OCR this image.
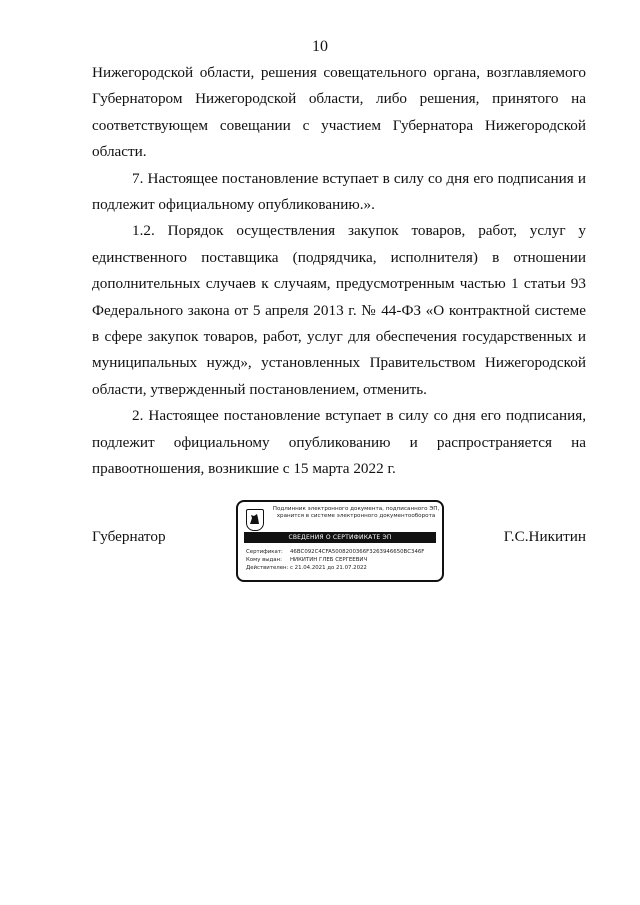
10

Нижегородской области, решения совещательного органа, возглавляемого Губернатором Нижегородской области, либо решения, принятого на соответствующем совещании с участием Губернатора Нижегородской области.

7. Настоящее постановление вступает в силу со дня его подписания и подлежит официальному опубликованию.».

1.2. Порядок осуществления закупок товаров, работ, услуг у единственного поставщика (подрядчика, исполнителя) в отношении дополнительных случаев к случаям, предусмотренным частью 1 статьи 93 Федерального закона от 5 апреля 2013 г. № 44-ФЗ «О контрактной системе в сфере закупок товаров, работ, услуг для обеспечения государственных и муниципальных нужд», установленных Правительством Нижегородской области, утвержденный постановлением, отменить.

2. Настоящее постановление вступает в силу со дня его подписания, подлежит официальному опубликованию и распространяется на правоотношения, возникшие с 15 марта 2022 г.

Губернатор
Подлинник электронного документа, подписанного ЭП,
хранится в системе электронного документооборота
СВЕДЕНИЯ О СЕРТИФИКАТЕ ЭП
Сертификат: 46ВС092С4СFA5008200366F3263946650ВС346F
Кому выдан: НИКИТИН ГЛЕБ СЕРГЕЕВИЧ
Действителен: с 21.04.2021 до 21.07.2022
Г.С.Никитин
